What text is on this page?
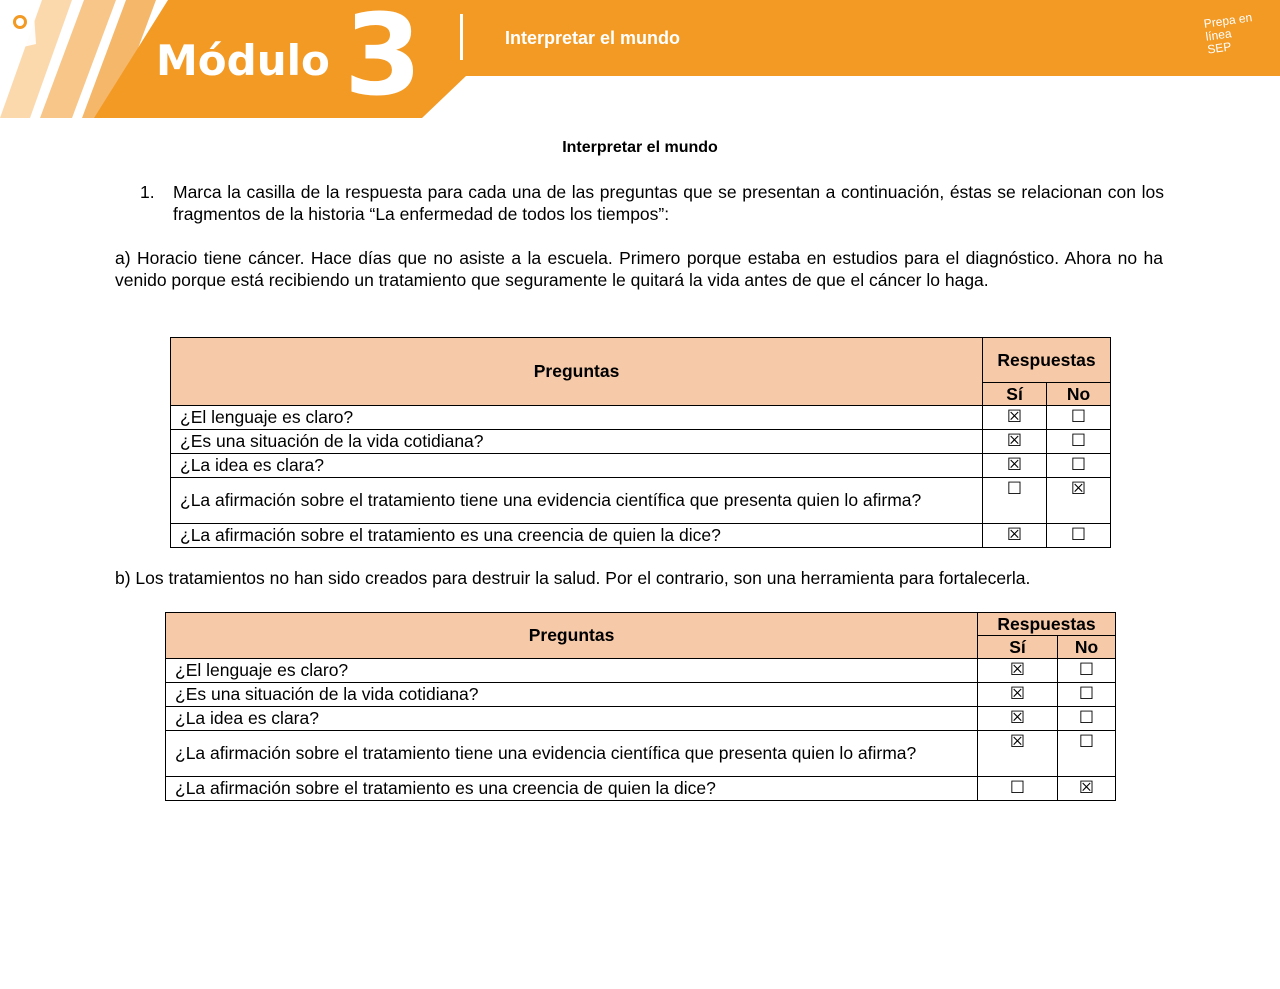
Módulo 3	Interpretar el mundo
Prepa en
línea
SEP
Interpretar el mundo
1. Marca la casilla de la respuesta para cada una de las preguntas que se presentan a continuación, éstas se relacionan con los fragmentos de la historia “La enfermedad de todos los tiempos”:
a) Horacio tiene cáncer. Hace días que no asiste a la escuela. Primero porque estaba en estudios para el diagnóstico. Ahora no ha venido porque está recibiendo un tratamiento que seguramente le quitará la vida antes de que el cáncer lo haga.
Preguntas	Respuestas	
	Sí	No
¿El lenguaje es claro?	☒	☐
¿Es una situación de la vida cotidiana?	☒	☐
¿La idea es clara?	☒	☐
¿La afirmación sobre el tratamiento tiene una evidencia científica que presenta quien lo afirma?	☐	☒
¿La afirmación sobre el tratamiento es una creencia de quien la dice?	☒	☐
b) Los tratamientos no han sido creados para destruir la salud. Por el contrario, son una herramienta para fortalecerla.
Preguntas	Respuestas	
	Sí	No
¿El lenguaje es claro?	☒	☐
¿Es una situación de la vida cotidiana?	☒	☐
¿La idea es clara?	☒	☐
¿La afirmación sobre el tratamiento tiene una evidencia científica que presenta quien lo afirma?	☒	☐
¿La afirmación sobre el tratamiento es una creencia de quien la dice?	☐	☒
